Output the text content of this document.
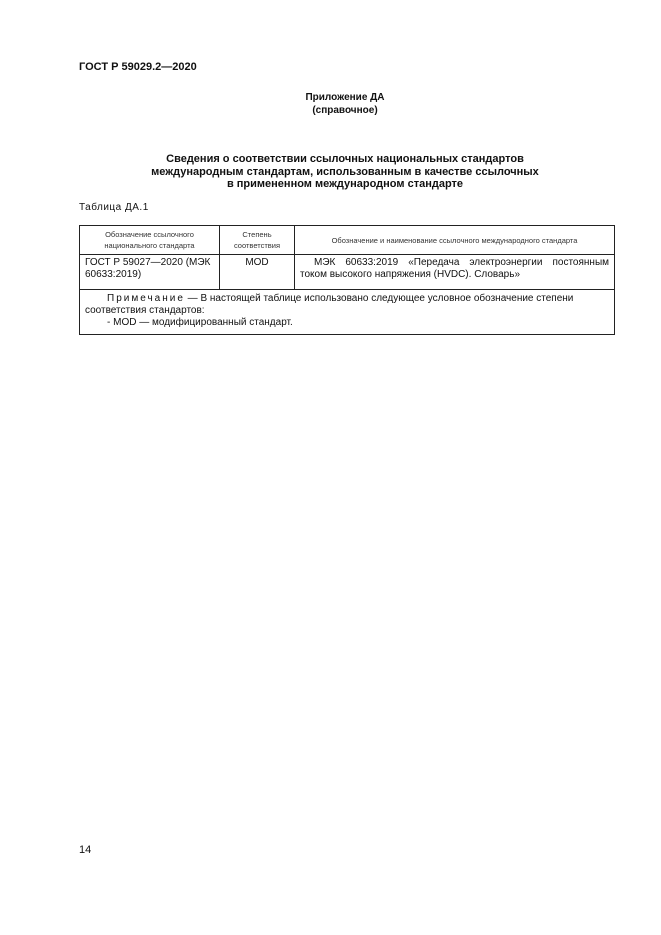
ГОСТ Р 59029.2—2020
Приложение ДА
(справочное)
Сведения о соответствии ссылочных национальных стандартов
международным стандартам, использованным в качестве ссылочных
в примененном международном стандарте
Таблица ДА.1
Обозначение ссылочного национального стандарта	Степень соответствия	Обозначение и наименование ссылочного международного стандарта
ГОСТ Р 59027—2020 (МЭК 60633:2019)	MOD	МЭК 60633:2019 «Передача электроэнергии постоянным током высокого напряжения (HVDC). Словарь»

Примечание — В настоящей таблице использовано следующее условное обозначение степени соответствия стандартов:
- MOD — модифицированный стандарт.		
14
